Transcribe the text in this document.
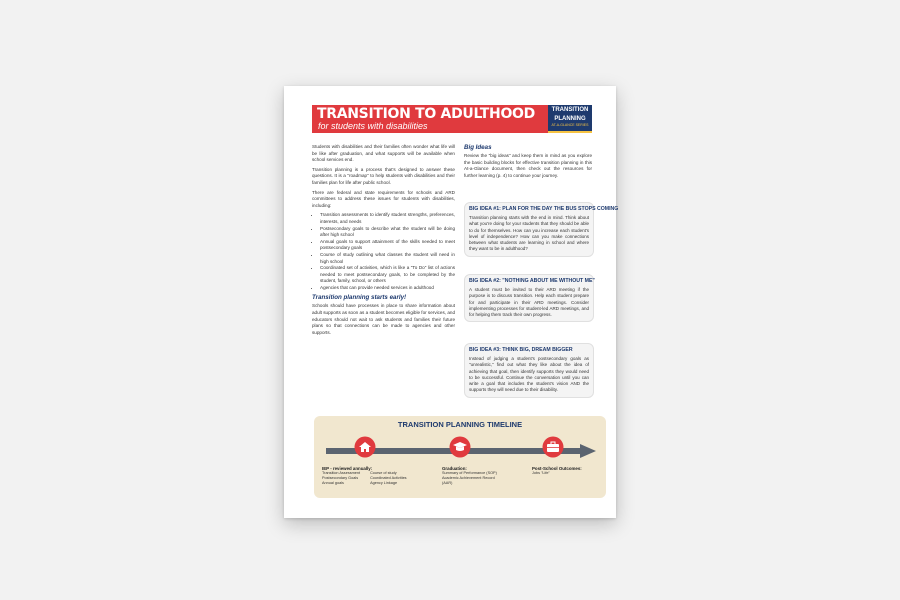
TRANSITION TO ADULTHOOD
for students with disabilities
TRANSITION
PLANNING
AT-A-GLANCE SERIES

Students with disabilities and their families often wonder what life will be like after graduation, and what supports will be available when school services end.

Transition planning is a process that's designed to answer these questions. It is a "roadmap" to help students with disabilities and their families plan for life after public school.

There are federal and state requirements for schools and ARD committees to address these issues for students with disabilities, including:

• Transition assessments to identify student strengths, preferences, interests, and needs
• Postsecondary goals to describe what the student will be doing after high school
• Annual goals to support attainment of the skills needed to meet postsecondary goals
• Course of study outlining what classes the student will need in high school
• Coordinated set of activities, which is like a "To Do" list of actions needed to meet postsecondary goals, to be completed by the student, family, school, or others
• Agencies that can provide needed services in adulthood
Transition planning starts early!

Schools should have processes in place to share information about adult supports as soon as a student becomes eligible for services, and educators should not wait to ask students and families their future plans so that connections can be made to agencies and other supports.

Big Ideas

Review the "big ideas" and keep them in mind as you explore the basic building blocks for effective transition planning in this At-a-Glance document, then check out the resources for further learning (p. 4) to continue your journey.

BIG IDEA #1: PLAN FOR THE DAY THE BUS STOPS COMING
Transition planning starts with the end in mind. Think about what you're doing for your students that they should be able to do for themselves. How can you increase each student's level of independence? How can you make connections between what students are learning in school and where they want to be in adulthood?
BIG IDEA #2: "NOTHING ABOUT ME WITHOUT ME"
A student must be invited to their ARD meeting if the purpose is to discuss transition. Help each student prepare for and participate in their ARD meetings. Consider implementing processes for student-led ARD meetings, and for helping them track their own progress.
BIG IDEA #3: THINK BIG, DREAM BIGGER
Instead of judging a student's postsecondary goals as "unrealistic," find out what they like about the idea of achieving that goal, then identify supports they would need to be successful. Continue the conversation until you can write a goal that includes the student's vision AND the supports they will need due to their disability.
TRANSITION PLANNING TIMELINE
IEP - reviewed annually:
Transition Assessment
Postsecondary Goals
Annual goals
Course of study
Coordinated Activities
Agency Linkage
Graduation:
Summary of Performance (SOP)
Academic Achievement Record
(AAR)
Post-School Outcomes:
Jobs "Life"
